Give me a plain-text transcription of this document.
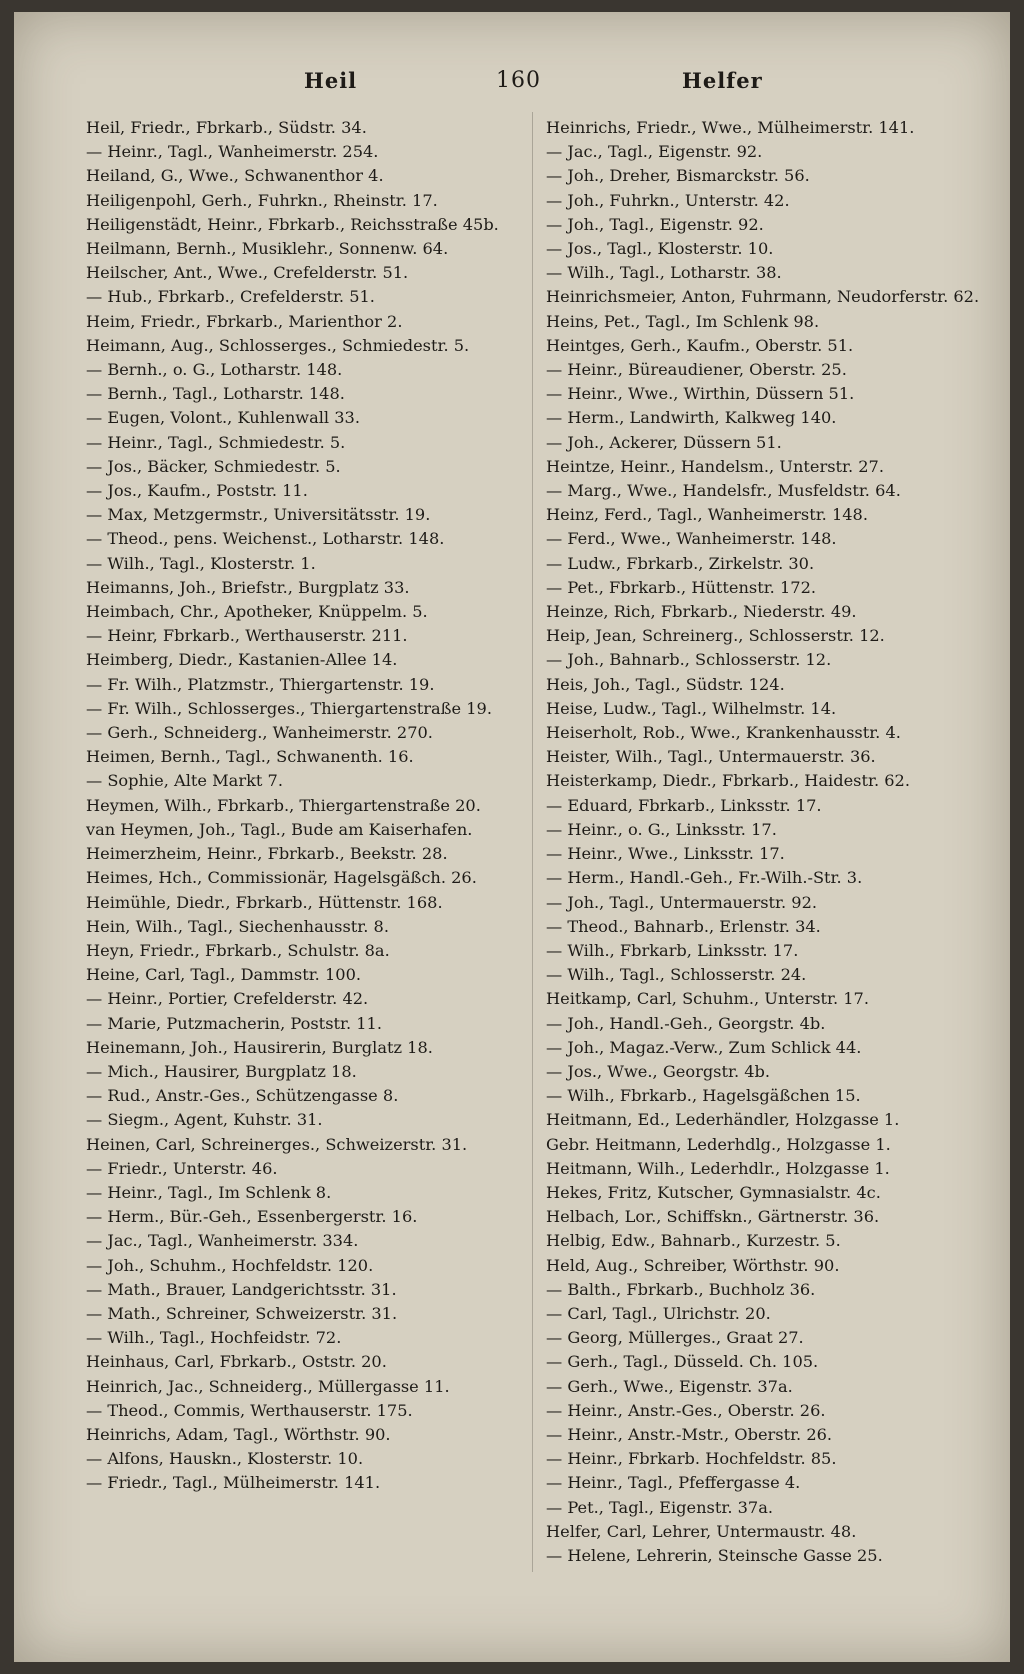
Heil	160	Helfer

Heil, Friedr., Fbrkarb., Südstr. 34.

— Heinr., Tagl., Wanheimerstr. 254.

Heiland, G., Wwe., Schwanenthor 4.

Heiligenpohl, Gerh., Fuhrkn., Rheinstr. 17.

Heiligenstädt, Heinr., Fbrkarb., Reichsstraße 45b.

Heilmann, Bernh., Musiklehr., Sonnenw. 64.

Heilscher, Ant., Wwe., Crefelderstr. 51.

— Hub., Fbrkarb., Crefelderstr. 51.

Heim, Friedr., Fbrkarb., Marienthor 2.

Heimann, Aug., Schlosserges., Schmiedestr. 5.

— Bernh., o. G., Lotharstr. 148.

— Bernh., Tagl., Lotharstr. 148.

— Eugen, Volont., Kuhlenwall 33.

— Heinr., Tagl., Schmiedestr. 5.

— Jos., Bäcker, Schmiedestr. 5.

— Jos., Kaufm., Poststr. 11.

— Max, Metzgermstr., Universitätsstr. 19.

— Theod., pens. Weichenst., Lotharstr. 148.

— Wilh., Tagl., Klosterstr. 1.

Heimanns, Joh., Briefstr., Burgplatz 33.

Heimbach, Chr., Apotheker, Knüppelm. 5.

— Heinr, Fbrkarb., Werthauserstr. 211.

Heimberg, Diedr., Kastanien-Allee 14.

— Fr. Wilh., Platzmstr., Thiergartenstr. 19.

— Fr. Wilh., Schlosserges., Thiergartenstraße 19.

— Gerh., Schneiderg., Wanheimerstr. 270.

Heimen, Bernh., Tagl., Schwanenth. 16.

— Sophie, Alte Markt 7.

Heymen, Wilh., Fbrkarb., Thiergartenstraße 20.

van Heymen, Joh., Tagl., Bude am Kaiserhafen.

Heimerzheim, Heinr., Fbrkarb., Beekstr. 28.

Heimes, Hch., Commissionär, Hagelsgäßch. 26.

Heimühle, Diedr., Fbrkarb., Hüttenstr. 168.

Hein, Wilh., Tagl., Siechenhausstr. 8.

Heyn, Friedr., Fbrkarb., Schulstr. 8a.

Heine, Carl, Tagl., Dammstr. 100.

— Heinr., Portier, Crefelderstr. 42.

— Marie, Putzmacherin, Poststr. 11.

Heinemann, Joh., Hausirerin, Burglatz 18.

— Mich., Hausirer, Burgplatz 18.

— Rud., Anstr.-Ges., Schützengasse 8.

— Siegm., Agent, Kuhstr. 31.

Heinen, Carl, Schreinerges., Schweizerstr. 31.

— Friedr., Unterstr. 46.

— Heinr., Tagl., Im Schlenk 8.

— Herm., Bür.-Geh., Essenbergerstr. 16.

— Jac., Tagl., Wanheimerstr. 334.

— Joh., Schuhm., Hochfeldstr. 120.

— Math., Brauer, Landgerichtsstr. 31.

— Math., Schreiner, Schweizerstr. 31.

— Wilh., Tagl., Hochfeidstr. 72.

Heinhaus, Carl, Fbrkarb., Oststr. 20.

Heinrich, Jac., Schneiderg., Müllergasse 11.

— Theod., Commis, Werthauserstr. 175.

Heinrichs, Adam, Tagl., Wörthstr. 90.

— Alfons, Hauskn., Klosterstr. 10.

— Friedr., Tagl., Mülheimerstr. 141.

Heinrichs, Friedr., Wwe., Mülheimerstr. 141.

— Jac., Tagl., Eigenstr. 92.

— Joh., Dreher, Bismarckstr. 56.

— Joh., Fuhrkn., Unterstr. 42.

— Joh., Tagl., Eigenstr. 92.

— Jos., Tagl., Klosterstr. 10.

— Wilh., Tagl., Lotharstr. 38.

Heinrichsmeier, Anton, Fuhrmann, Neudorferstr. 62.

Heins, Pet., Tagl., Im Schlenk 98.

Heintges, Gerh., Kaufm., Oberstr. 51.

— Heinr., Büreaudiener, Oberstr. 25.

— Heinr., Wwe., Wirthin, Düssern 51.

— Herm., Landwirth, Kalkweg 140.

— Joh., Ackerer, Düssern 51.

Heintze, Heinr., Handelsm., Unterstr. 27.

— Marg., Wwe., Handelsfr., Musfeldstr. 64.

Heinz, Ferd., Tagl., Wanheimerstr. 148.

— Ferd., Wwe., Wanheimerstr. 148.

— Ludw., Fbrkarb., Zirkelstr. 30.

— Pet., Fbrkarb., Hüttenstr. 172.

Heinze, Rich, Fbrkarb., Niederstr. 49.

Heip, Jean, Schreinerg., Schlosserstr. 12.

— Joh., Bahnarb., Schlosserstr. 12.

Heis, Joh., Tagl., Südstr. 124.

Heise, Ludw., Tagl., Wilhelmstr. 14.

Heiserholt, Rob., Wwe., Krankenhausstr. 4.

Heister, Wilh., Tagl., Untermauerstr. 36.

Heisterkamp, Diedr., Fbrkarb., Haidestr. 62.

— Eduard, Fbrkarb., Linksstr. 17.

— Heinr., o. G., Linksstr. 17.

— Heinr., Wwe., Linksstr. 17.

— Herm., Handl.-Geh., Fr.-Wilh.-Str. 3.

— Joh., Tagl., Untermauerstr. 92.

— Theod., Bahnarb., Erlenstr. 34.

— Wilh., Fbrkarb, Linksstr. 17.

— Wilh., Tagl., Schlosserstr. 24.

Heitkamp, Carl, Schuhm., Unterstr. 17.

— Joh., Handl.-Geh., Georgstr. 4b.

— Joh., Magaz.-Verw., Zum Schlick 44.

— Jos., Wwe., Georgstr. 4b.

— Wilh., Fbrkarb., Hagelsgäßchen 15.

Heitmann, Ed., Lederhändler, Holzgasse 1.

Gebr. Heitmann, Lederhdlg., Holzgasse 1.

Heitmann, Wilh., Lederhdlr., Holzgasse 1.

Hekes, Fritz, Kutscher, Gymnasialstr. 4c.

Helbach, Lor., Schiffskn., Gärtnerstr. 36.

Helbig, Edw., Bahnarb., Kurzestr. 5.

Held, Aug., Schreiber, Wörthstr. 90.

— Balth., Fbrkarb., Buchholz 36.

— Carl, Tagl., Ulrichstr. 20.

— Georg, Müllerges., Graat 27.

— Gerh., Tagl., Düsseld. Ch. 105.

— Gerh., Wwe., Eigenstr. 37a.

— Heinr., Anstr.-Ges., Oberstr. 26.

— Heinr., Anstr.-Mstr., Oberstr. 26.

— Heinr., Fbrkarb. Hochfeldstr. 85.

— Heinr., Tagl., Pfeffergasse 4.

— Pet., Tagl., Eigenstr. 37a.

Helfer, Carl, Lehrer, Untermaustr. 48.

— Helene, Lehrerin, Steinsche Gasse 25.
